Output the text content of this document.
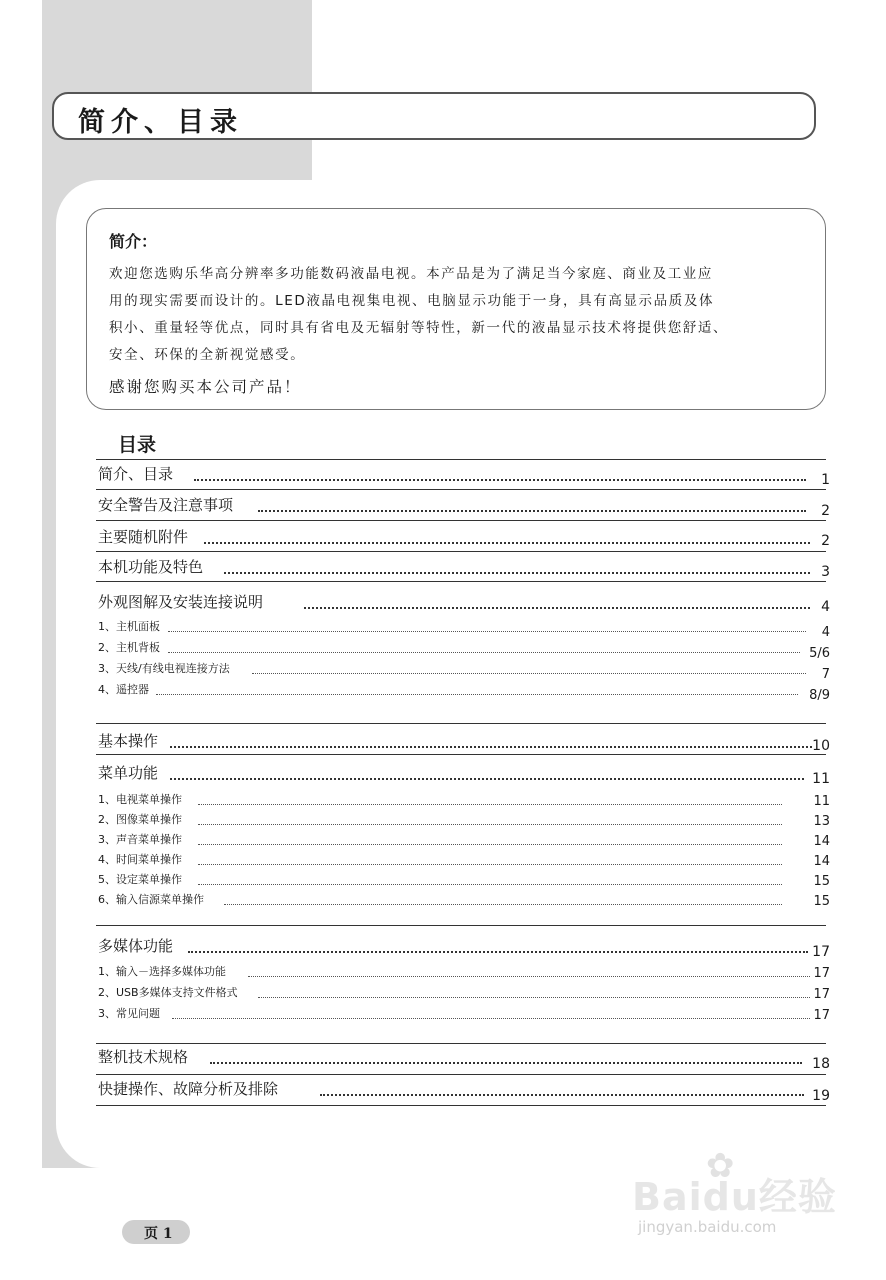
简介、目录
简介：
欢迎您选购乐华高分辨率多功能数码液晶电视。本产品是为了满足当今家庭、商业及工业应
用的现实需要而设计的。LED液晶电视集电视、电脑显示功能于一身，具有高显示品质及体
积小、重量轻等优点，同时具有省电及无辐射等特性，新一代的液晶显示技术将提供您舒适、
安全、环保的全新视觉感受。
感谢您购买本公司产品！
目录
简介、目录	1
安全警告及注意事项	2
主要随机附件	2
本机功能及特色	3
外观图解及安装连接说明	4
1、主机面板	4
2、主机背板	5/6
3、天线/有线电视连接方法	7
4、遥控器	8/9
基本操作	10
菜单功能	11
1、电视菜单操作	11
2、图像菜单操作	13
3、声音菜单操作	14
4、时间菜单操作	14
5、设定菜单操作	15
6、输入信源菜单操作	15
多媒体功能	17
1、输入－选择多媒体功能	17
2、USB多媒体支持文件格式	17
3、常见问题	17
整机技术规格	18
快捷操作、故障分析及排除	19
页 1
✿
Baidu经验
jingyan.baidu.com
